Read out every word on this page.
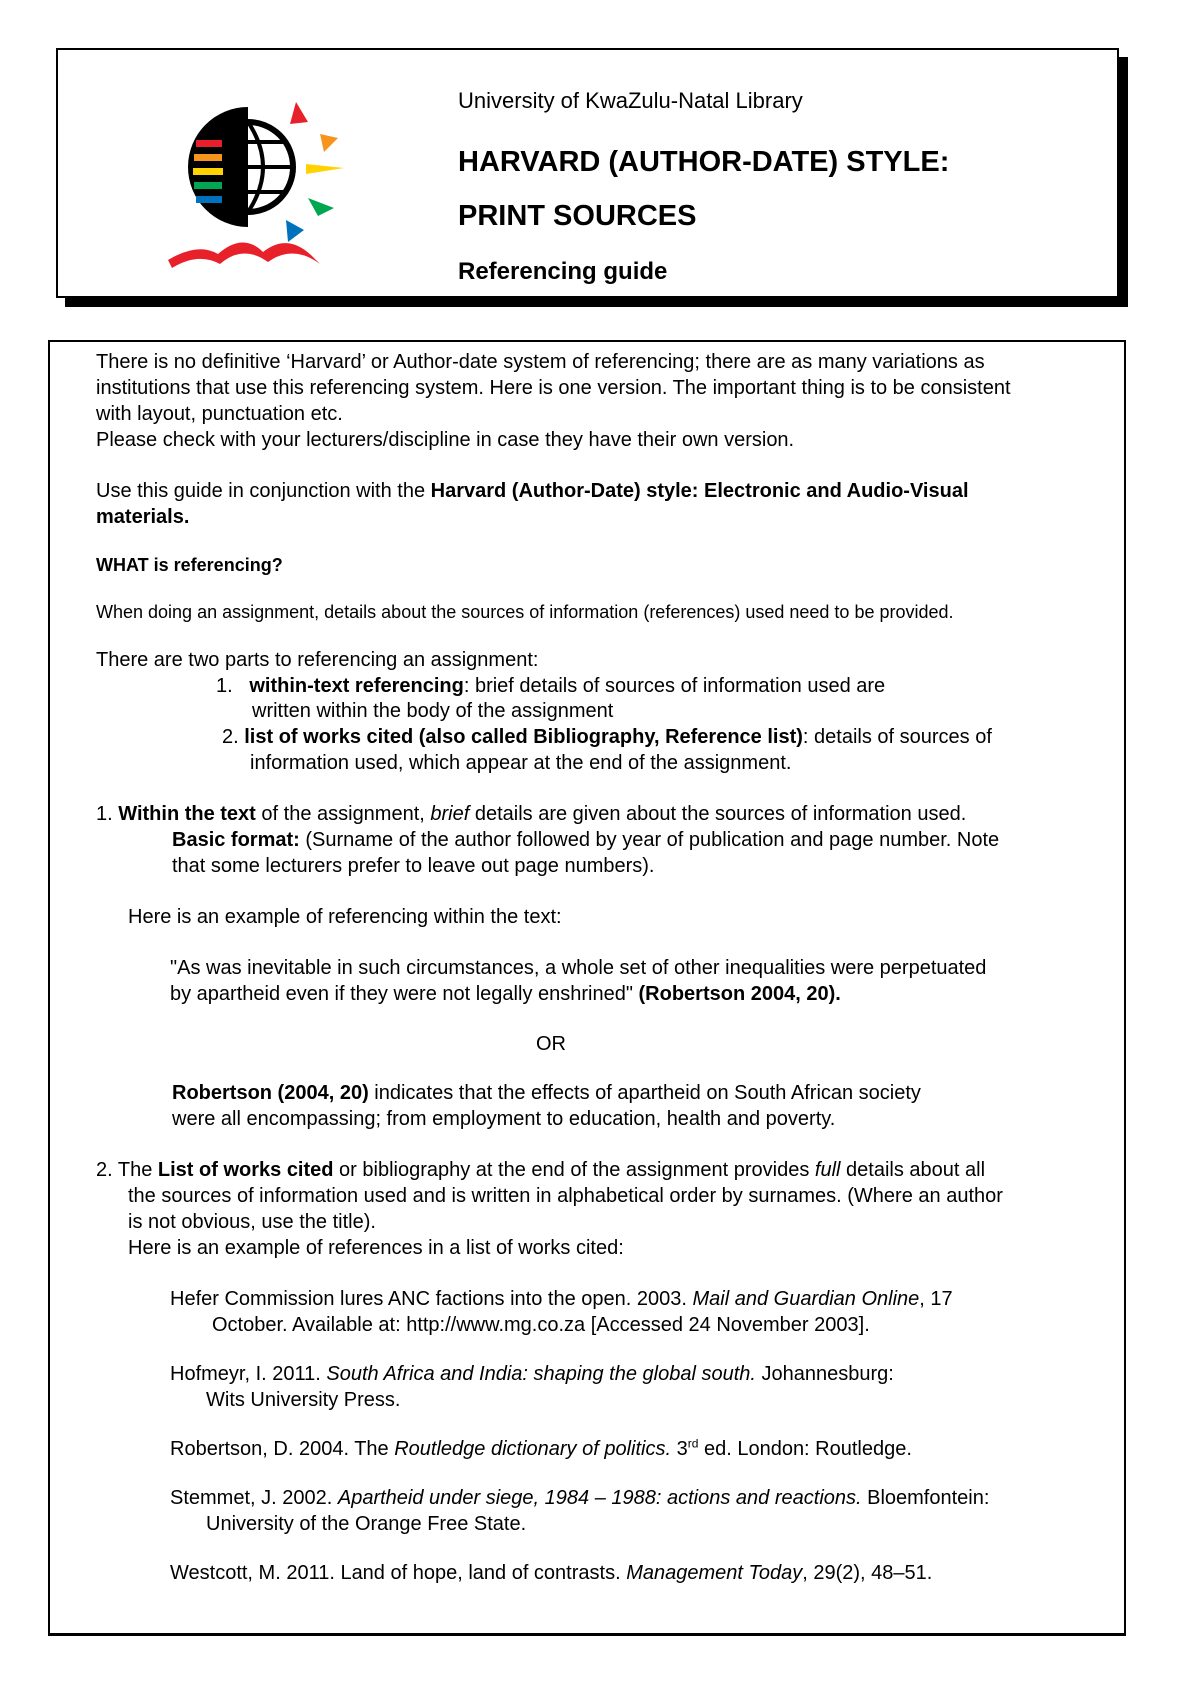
University of KwaZulu-Natal Library
HARVARD (AUTHOR-DATE) STYLE:
PRINT SOURCES
Referencing guide
There is no definitive ‘Harvard’ or Author-date system of referencing; there are as many variations as
institutions that use this referencing system. Here is one version. The important thing is to be consistent
with layout, punctuation etc.
Please check with your lecturers/discipline in case they have their own version.
Use this guide in conjunction with the Harvard (Author-Date) style: Electronic and Audio-Visual
materials.
WHAT is referencing?
When doing an assignment, details about the sources of information (references) used need to be provided.
There are two parts to referencing an assignment:
1. within-text referencing: brief details of sources of information used are
written within the body of the assignment
2. list of works cited (also called Bibliography, Reference list): details of sources of
information used, which appear at the end of the assignment.
1. Within the text of the assignment, brief details are given about the sources of information used.
Basic format: (Surname of the author followed by year of publication and page number. Note
that some lecturers prefer to leave out page numbers).
Here is an example of referencing within the text:
"As was inevitable in such circumstances, a whole set of other inequalities were perpetuated
by apartheid even if they were not legally enshrined" (Robertson 2004, 20).
OR
Robertson (2004, 20) indicates that the effects of apartheid on South African society
were all encompassing; from employment to education, health and poverty.
2. The List of works cited or bibliography at the end of the assignment provides full details about all
the sources of information used and is written in alphabetical order by surnames. (Where an author
is not obvious, use the title).
Here is an example of references in a list of works cited:
Hefer Commission lures ANC factions into the open. 2003. Mail and Guardian Online, 17
October. Available at: http://www.mg.co.za [Accessed 24 November 2003].
Hofmeyr, I. 2011. South Africa and India: shaping the global south. Johannesburg:
Wits University Press.
Robertson, D. 2004. The Routledge dictionary of politics. 3rd ed. London: Routledge.
Stemmet, J. 2002. Apartheid under siege, 1984 – 1988: actions and reactions. Bloemfontein:
University of the Orange Free State.
Westcott, M. 2011. Land of hope, land of contrasts. Management Today, 29(2), 48–51.
